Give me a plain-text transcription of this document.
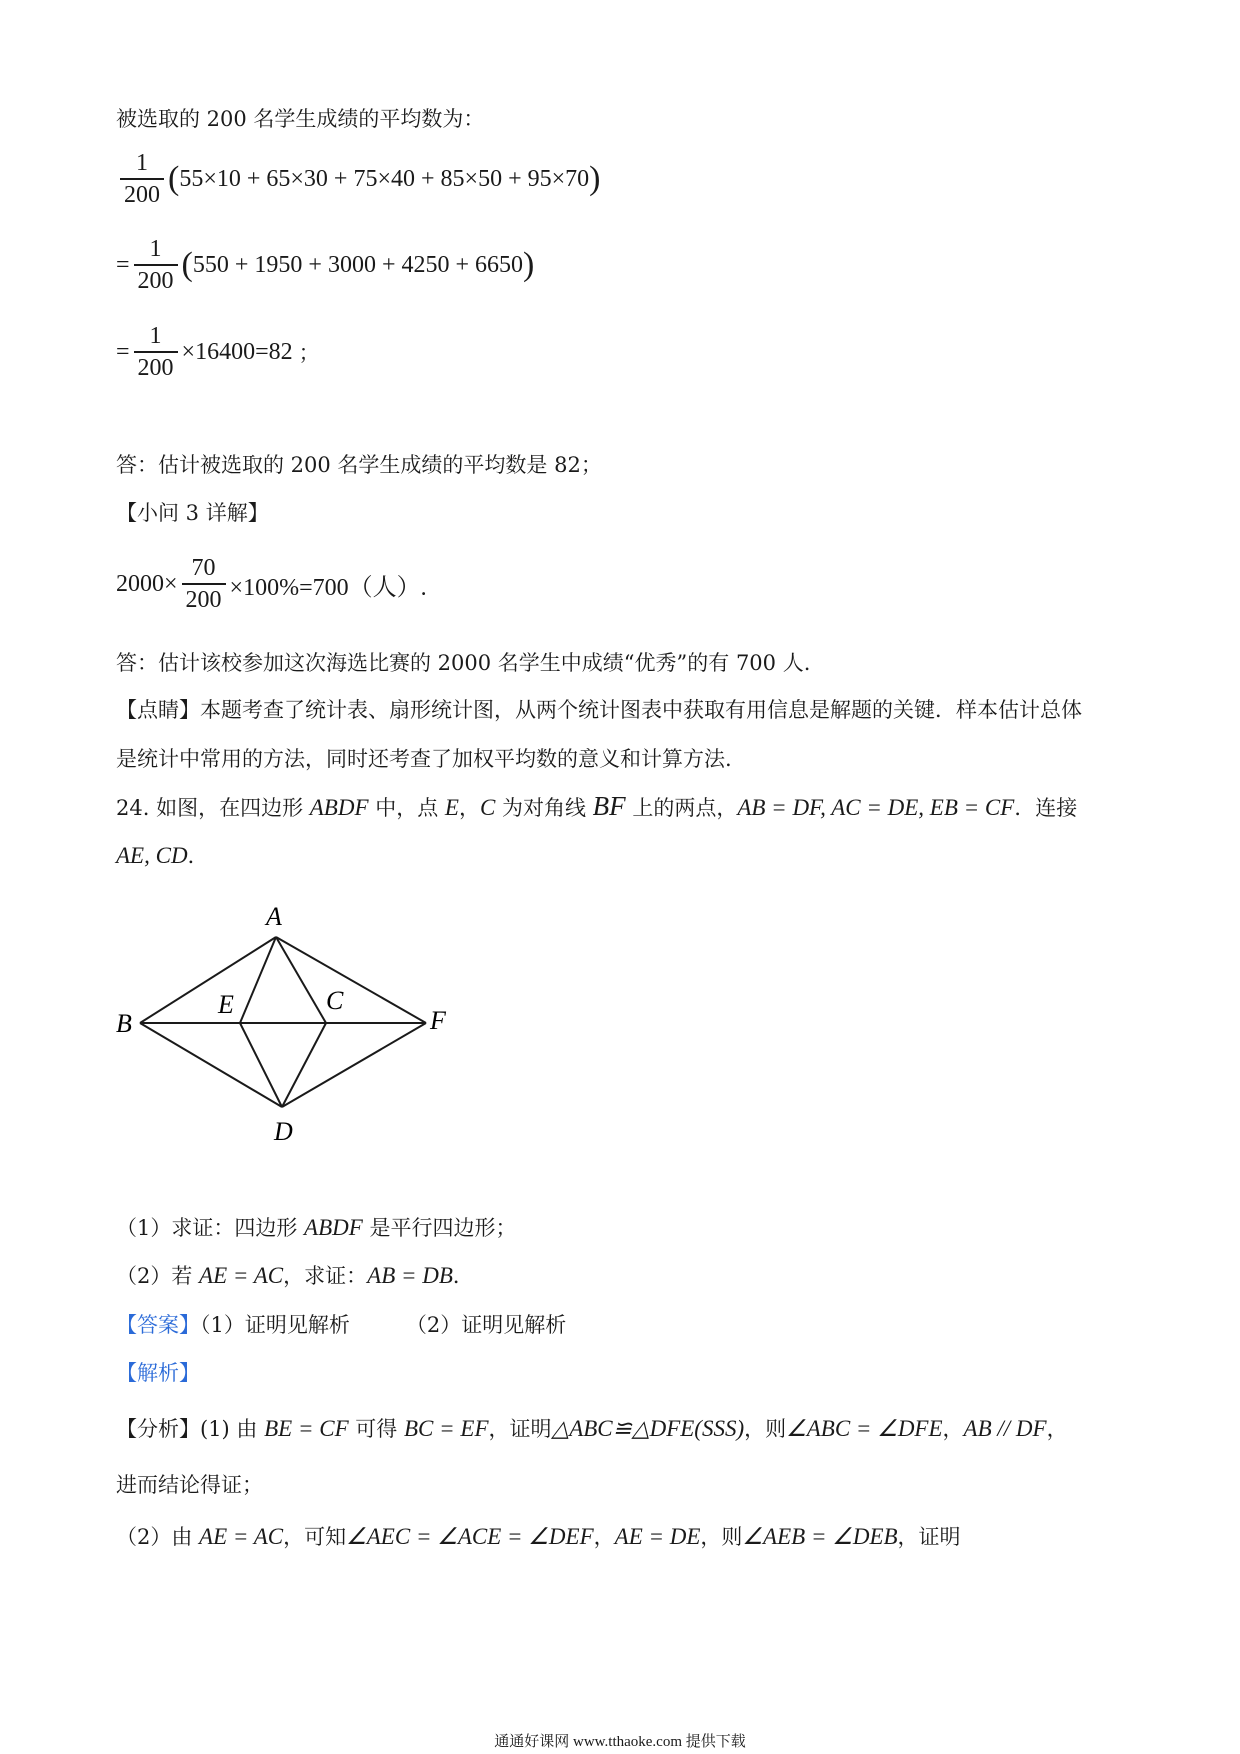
被选取的 200 名学生成绩的平均数为：
$\frac{1}{200}$ ( 55×10 + 65×30 + 75×40 + 85×50 + 95×70 )
= $\frac{1}{200}$ ( 550 + 1950 + 3000 + 4250 + 6650 )
= $\frac{1}{200} \times 16400=82$ ；
答：估计被选取的 200 名学生成绩的平均数是 82；
【小问 3 详解】
$2000\times \frac{70}{200} \times 100\%=700$（人）.
答：估计该校参加这次海选比赛的 2000 名学生中成绩“优秀”的有 700 人.
【点睛】本题考查了统计表、扇形统计图，从两个统计图表中获取有用信息是解题的关键．样本估计总体
是统计中常用的方法，同时还考查了加权平均数的意义和计算方法.
24. 如图，在四边形 ABDF 中，点 E，C 为对角线 BF 上的两点，AB = DF, AC = DE, EB = CF．连接
AE, CD．
A
B
E	C
F
D
（1）求证：四边形 ABDF 是平行四边形；
（2）若 AE = AC，求证：AB = DB．
【答案】（1）证明见解析	（2）证明见解析
【解析】
【分析】(1) 由 BE = CF 可得 BC = EF，证明△ABC≌△DFE(SSS)，则∠ABC = ∠DFE，AB // DF，
进而结论得证；
（2）由 AE = AC，可知∠AEC = ∠ACE = ∠DEF，AE = DE，则∠AEB = ∠DEB，证明
通通好课网 www.tthaoke.com 提供下载
